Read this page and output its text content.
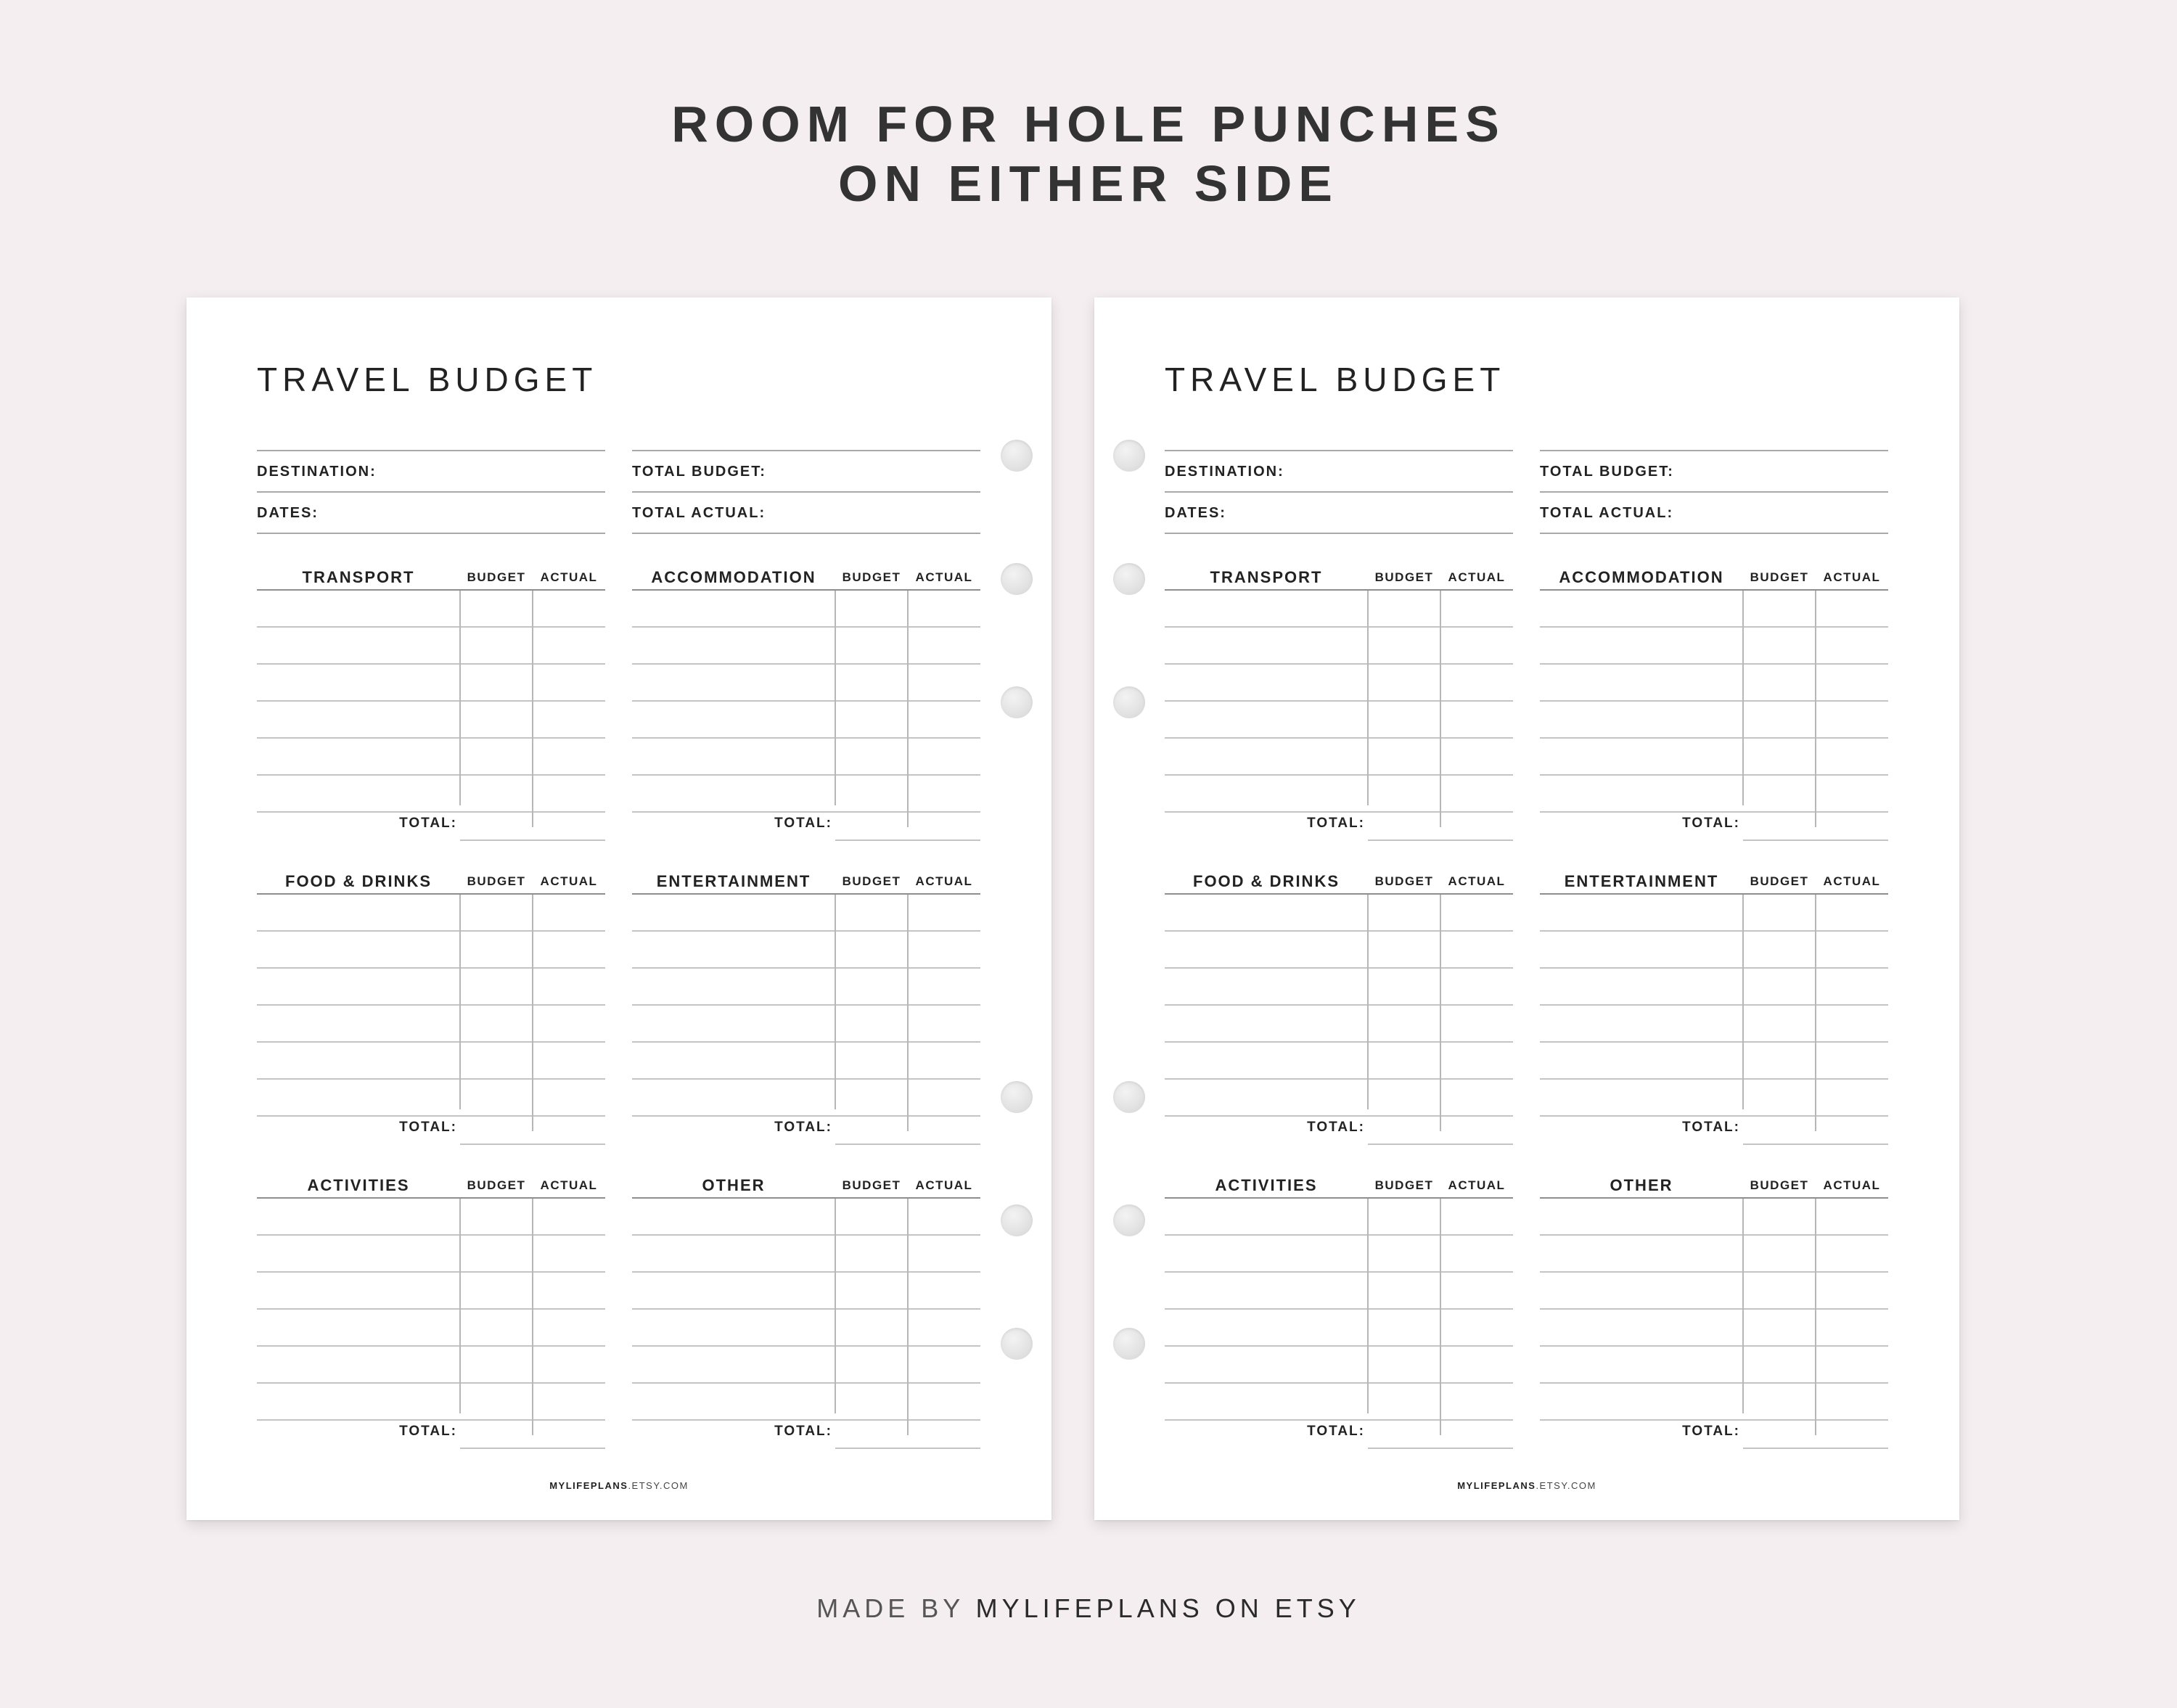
ROOM FOR HOLE PUNCHES
ON EITHER SIDE
TRAVEL BUDGET
DESTINATION:
DATES:
TOTAL BUDGET:
TOTAL ACTUAL:
TRANSPORT	BUDGET	ACTUAL
TOTAL:
ACCOMMODATION	BUDGET	ACTUAL
TOTAL:
FOOD & DRINKS	BUDGET	ACTUAL
TOTAL:
ENTERTAINMENT	BUDGET	ACTUAL
TOTAL:
ACTIVITIES	BUDGET	ACTUAL
TOTAL:
OTHER	BUDGET	ACTUAL
TOTAL:
MYLIFEPLANS.ETSY.COM
TRAVEL BUDGET
DESTINATION:
DATES:
TOTAL BUDGET:
TOTAL ACTUAL:
TRANSPORT	BUDGET	ACTUAL
TOTAL:
ACCOMMODATION	BUDGET	ACTUAL
TOTAL:
FOOD & DRINKS	BUDGET	ACTUAL
TOTAL:
ENTERTAINMENT	BUDGET	ACTUAL
TOTAL:
ACTIVITIES	BUDGET	ACTUAL
TOTAL:
OTHER	BUDGET	ACTUAL
TOTAL:
MYLIFEPLANS.ETSY.COM
MADE BY MYLIFEPLANS ON ETSY
